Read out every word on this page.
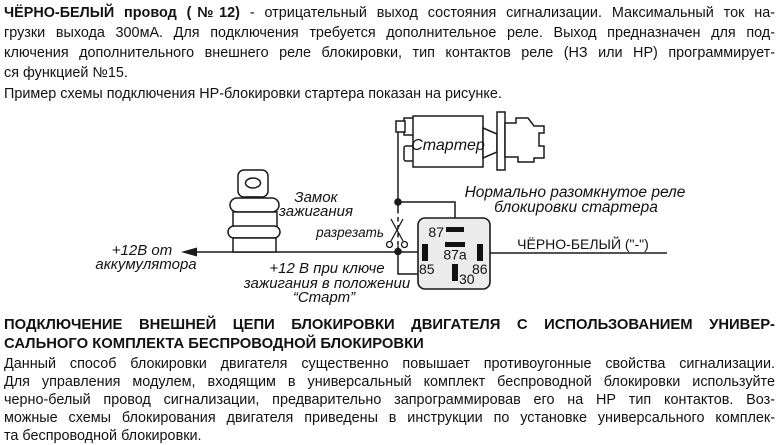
ЧЁРНО-БЕЛЫЙ провод (№12) - отрицательный выход состояния сигнализации. Максимальный ток на-
грузки выхода 300мА. Для подключения требуется дополнительное реле. Выход предназначен для под-
ключения дополнительного внешнего реле блокировки, тип контактов реле (НЗ или НР) программирует-
ся функцией №15.
Пример схемы подключения НР-блокировки стартера показан на рисунке.
Стартер
87
87а
85	86
30
Замок
зажигания
Нормально разомкнутое реле
блокировки стартера
разрезать
+12В от
аккумулятора	+12 В при ключе
зажигания в положении
“Старт”
ЧЁРНО-БЕЛЫЙ ("-")
ПОДКЛЮЧЕНИЕ ВНЕШНЕЙ ЦЕПИ БЛОКИРОВКИ ДВИГАТЕЛЯ С ИСПОЛЬЗОВАНИЕМ УНИВЕР-
САЛЬНОГО КОМПЛЕКТА БЕСПРОВОДНОЙ БЛОКИРОВКИ
Данный способ блокировки двигателя существенно повышает противоугонные свойства сигнализации.
Для управления модулем, входящим в универсальный комплект беспроводной блокировки используйте
черно-белый провод сигнализации, предварительно запрограммировав его на НР тип контактов. Воз-
можные схемы блокирования двигателя приведены в инструкции по установке универсального комплек-
та беспроводной блокировки.
